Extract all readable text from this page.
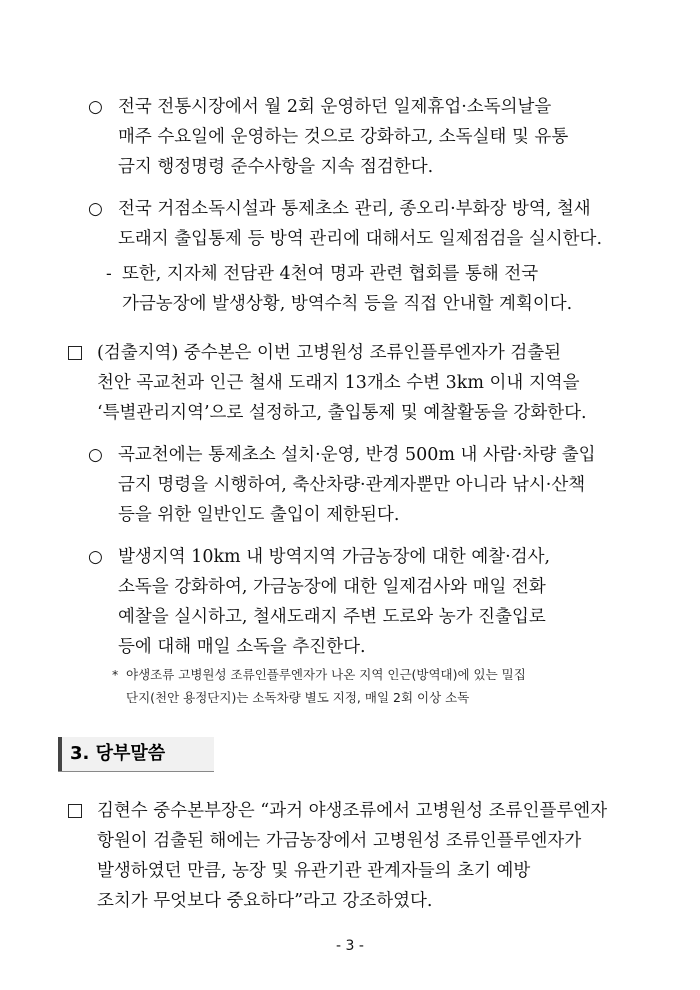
○ 전국 전통시장에서 월 2회 운영하던 일제휴업·소독의날을
매주 수요일에 운영하는 것으로 강화하고, 소독실태 및 유통
금지 행정명령 준수사항을 지속 점검한다.
○ 전국 거점소독시설과 통제초소 관리, 종오리·부화장 방역, 철새
도래지 출입통제 등 방역 관리에 대해서도 일제점검을 실시한다.
- 또한, 지자체 전담관 4천여 명과 관련 협회를 통해 전국
가금농장에 발생상황, 방역수칙 등을 직접 안내할 계획이다.
(검출지역) 중수본은 이번 고병원성 조류인플루엔자가 검출된
천안 곡교천과 인근 철새 도래지 13개소 수변 3km 이내 지역을
‘특별관리지역’으로 설정하고, 출입통제 및 예찰활동을 강화한다.
○ 곡교천에는 통제초소 설치·운영, 반경 500m 내 사람·차량 출입
금지 명령을 시행하여, 축산차량·관계자뿐만 아니라 낚시·산책
등을 위한 일반인도 출입이 제한된다.
○ 발생지역 10km 내 방역지역 가금농장에 대한 예찰·검사,
소독을 강화하여, 가금농장에 대한 일제검사와 매일 전화
예찰을 실시하고, 철새도래지 주변 도로와 농가 진출입로
등에 대해 매일 소독을 추진한다.
* 야생조류 고병원성 조류인플루엔자가 나온 지역 인근(방역대)에 있는 밀집
단지(천안 용정단지)는 소독차량 별도 지정, 매일 2회 이상 소독
3. 당부말씀
김현수 중수본부장은 “과거 야생조류에서 고병원성 조류인플루엔자
항원이 검출된 해에는 가금농장에서 고병원성 조류인플루엔자가
발생하였던 만큼, 농장 및 유관기관 관계자들의 초기 예방
조치가 무엇보다 중요하다”라고 강조하였다.
- 3 -
